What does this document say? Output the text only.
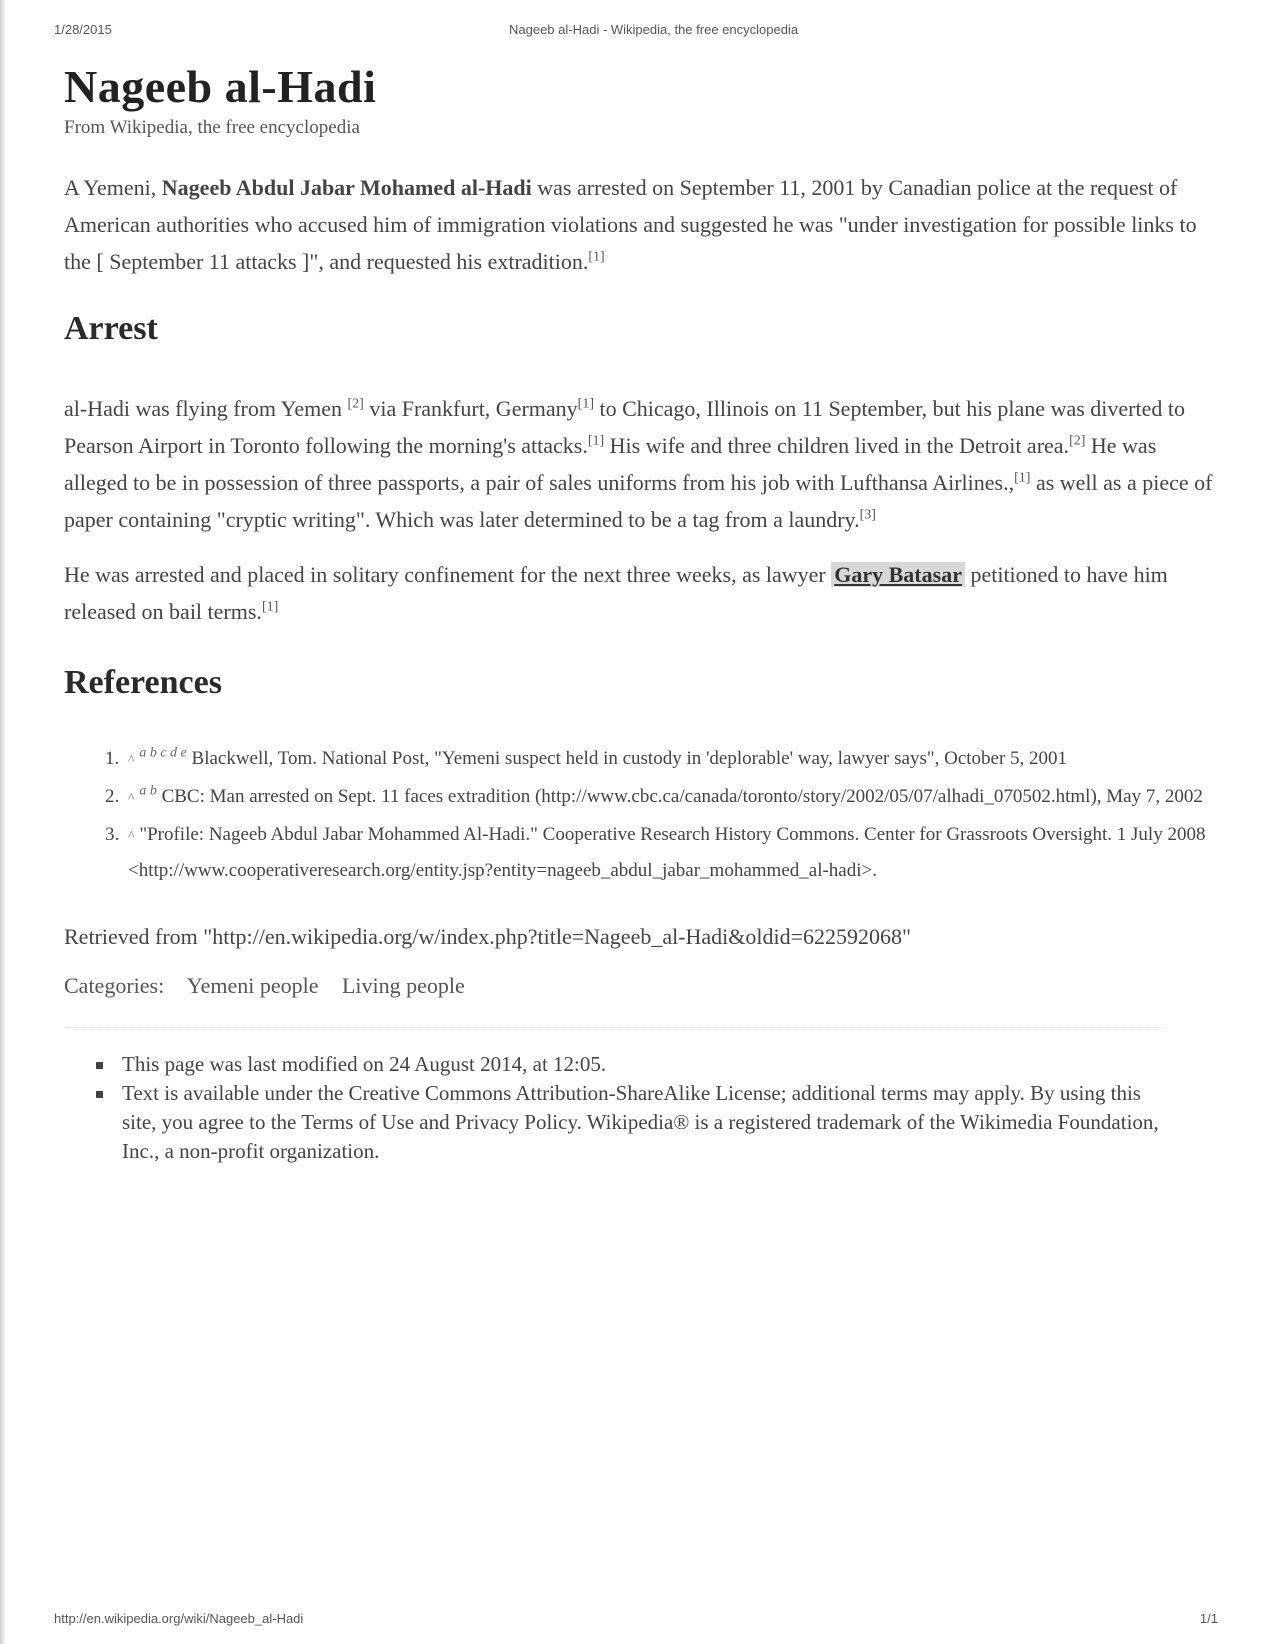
1/28/2015	Nageeb al-Hadi - Wikipedia, the free encyclopedia
Nageeb al-Hadi
From Wikipedia, the free encyclopedia

A Yemeni, Nageeb Abdul Jabar Mohamed al-Hadi was arrested on September 11, 2001 by Canadian police at the request of American authorities who accused him of immigration violations and suggested he was "under investigation for possible links to the [ September 11 attacks ]", and requested his extradition.[1]

Arrest

al-Hadi was flying from Yemen [2] via Frankfurt, Germany[1] to Chicago, Illinois on 11 September, but his plane was diverted to Pearson Airport in Toronto following the morning's attacks.[1] His wife and three children lived in the Detroit area.[2] He was alleged to be in possession of three passports, a pair of sales uniforms from his job with Lufthansa Airlines.,[1] as well as a piece of paper containing "cryptic writing". Which was later determined to be a tag from a laundry.[3]

He was arrested and placed in solitary confinement for the next three weeks, as lawyer Gary Batasar petitioned to have him released on bail terms.[1]

References
1. ^ $^{a b c d e}$ Blackwell, Tom. National Post, "Yemeni suspect held in custody in 'deplorable' way, lawyer says", October 5, 2001
2. ^ $^{a b}$ CBC: Man arrested on Sept. 11 faces extradition (http://www.cbc.ca/canada/toronto/story/2002/05/07/alhadi_070502.html), May 7, 2002
3. ^ "Profile: Nageeb Abdul Jabar Mohammed Al-Hadi." Cooperative Research History Commons. Center for Grassroots Oversight. 1 July 2008 <http://www.cooperativeresearch.org/entity.jsp?entity=nageeb_abdul_jabar_mohammed_al-hadi>.

Retrieved from "http://en.wikipedia.org/w/index.php?title=Nageeb_al-Hadi&oldid=622592068"

Categories: Yemeni people Living people
This page was last modified on 24 August 2014, at 12:05.
Text is available under the Creative Commons Attribution-ShareAlike License; additional terms may apply. By using this site, you agree to the Terms of Use and Privacy Policy. Wikipedia® is a registered trademark of the Wikimedia Foundation, Inc., a non-profit organization.
http://en.wikipedia.org/wiki/Nageeb_al-Hadi	1/1
